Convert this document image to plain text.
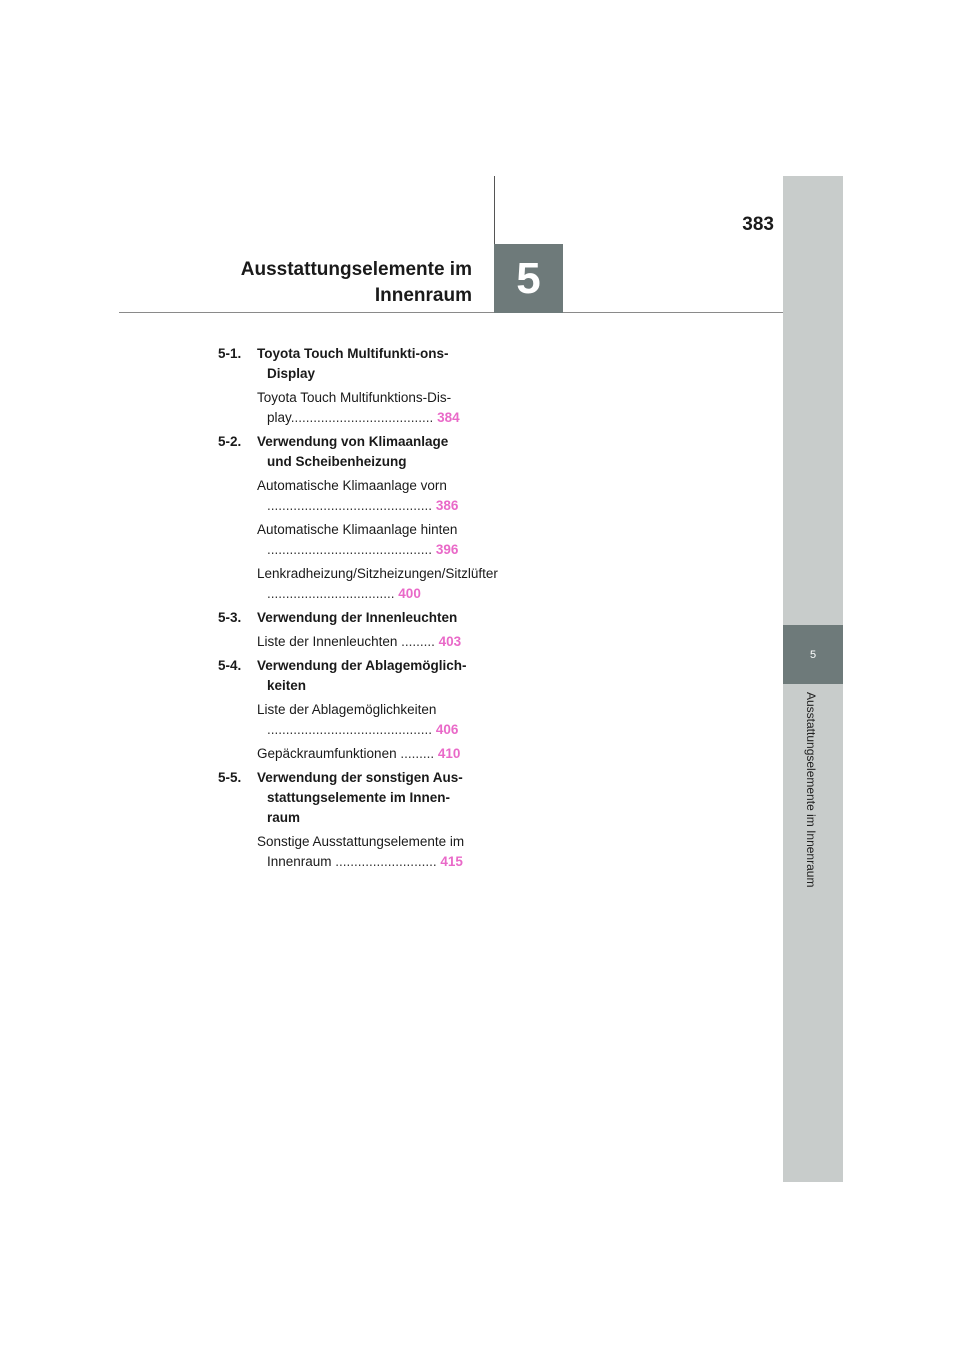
383
Ausstattungselemente im
Innenraum	5
5
Ausstattungselemente im Innenraum
5-1.	Toyota Touch Multifunkti-ons-Display
Toyota Touch Multifunktions-Dis-play...................................... 384
5-2.	Verwendung von Klimaanlage und Scheibenheizung
Automatische Klimaanlage vorn ............................................ 386
Automatische Klimaanlage hinten ............................................ 396
Lenkradheizung/Sitzheizungen/Sitzlüfter .................................. 400
5-3.	Verwendung der Innenleuchten
Liste der Innenleuchten ......... 403
5-4.	Verwendung der Ablagemöglich-keiten
Liste der Ablagemöglichkeiten ............................................ 406
Gepäckraumfunktionen ......... 410
5-5.	Verwendung der sonstigen Aus-stattungselemente im Innen-raum
Sonstige Ausstattungselemente im Innenraum ........................... 415
